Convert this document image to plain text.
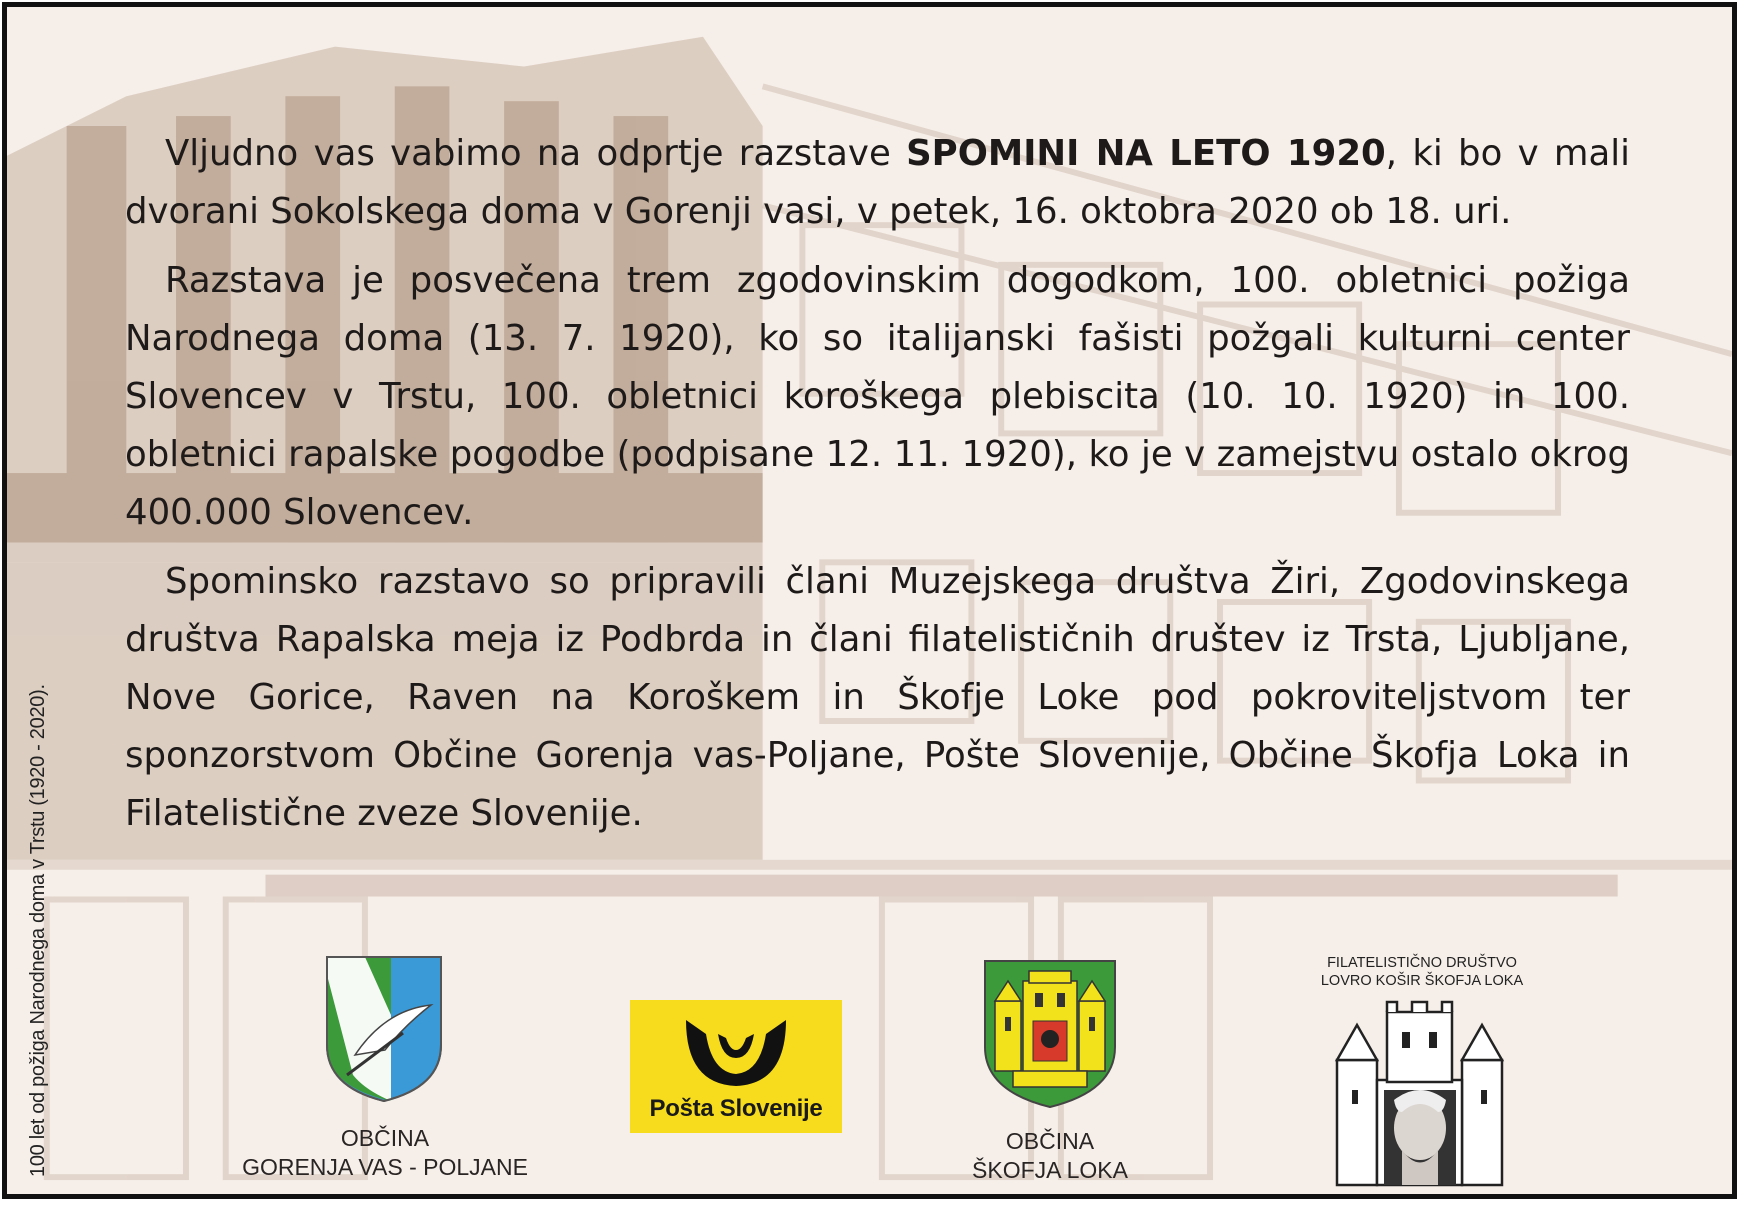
Vljudno vas vabimo na odprtje razstave SPOMINI NA LETO 1920, ki bo v mali dvorani Sokolskega doma v Gorenji vasi, v petek, 16. oktobra 2020 ob 18. uri.

Razstava je posvečena trem zgodovinskim dogodkom, 100. obletnici požiga Narodnega doma (13. 7. 1920), ko so italijanski fašisti požgali kulturni center Slovencev v Trstu, 100. obletnici koroškega plebiscita (10. 10. 1920) in 100. obletnici rapalske pogodbe (podpisane 12. 11. 1920), ko je v zamejstvu ostalo okrog 400.000 Slovencev.

Spominsko razstavo so pripravili člani Muzejskega društva Žiri, Zgodovinskega društva Rapalska meja iz Podbrda in člani filatelističnih društev iz Trsta, Ljubljane, Nove Gorice, Raven na Koroškem in Škofje Loke pod pokroviteljstvom ter sponzorstvom Občine Gorenja vas-Poljane, Pošte Slovenije, Občine Škofja Loka in Filatelistične zveze Slovenije.

100 let od požiga Narodnega doma v Trstu (1920 - 2020).	OBČINA
GORENJA VAS - POLJANE
Pošta Slovenije
OBČINA
ŠKOFJA LOKA
FILATELISTIČNO DRUŠTVO
LOVRO KOŠIR ŠKOFJA LOKA
